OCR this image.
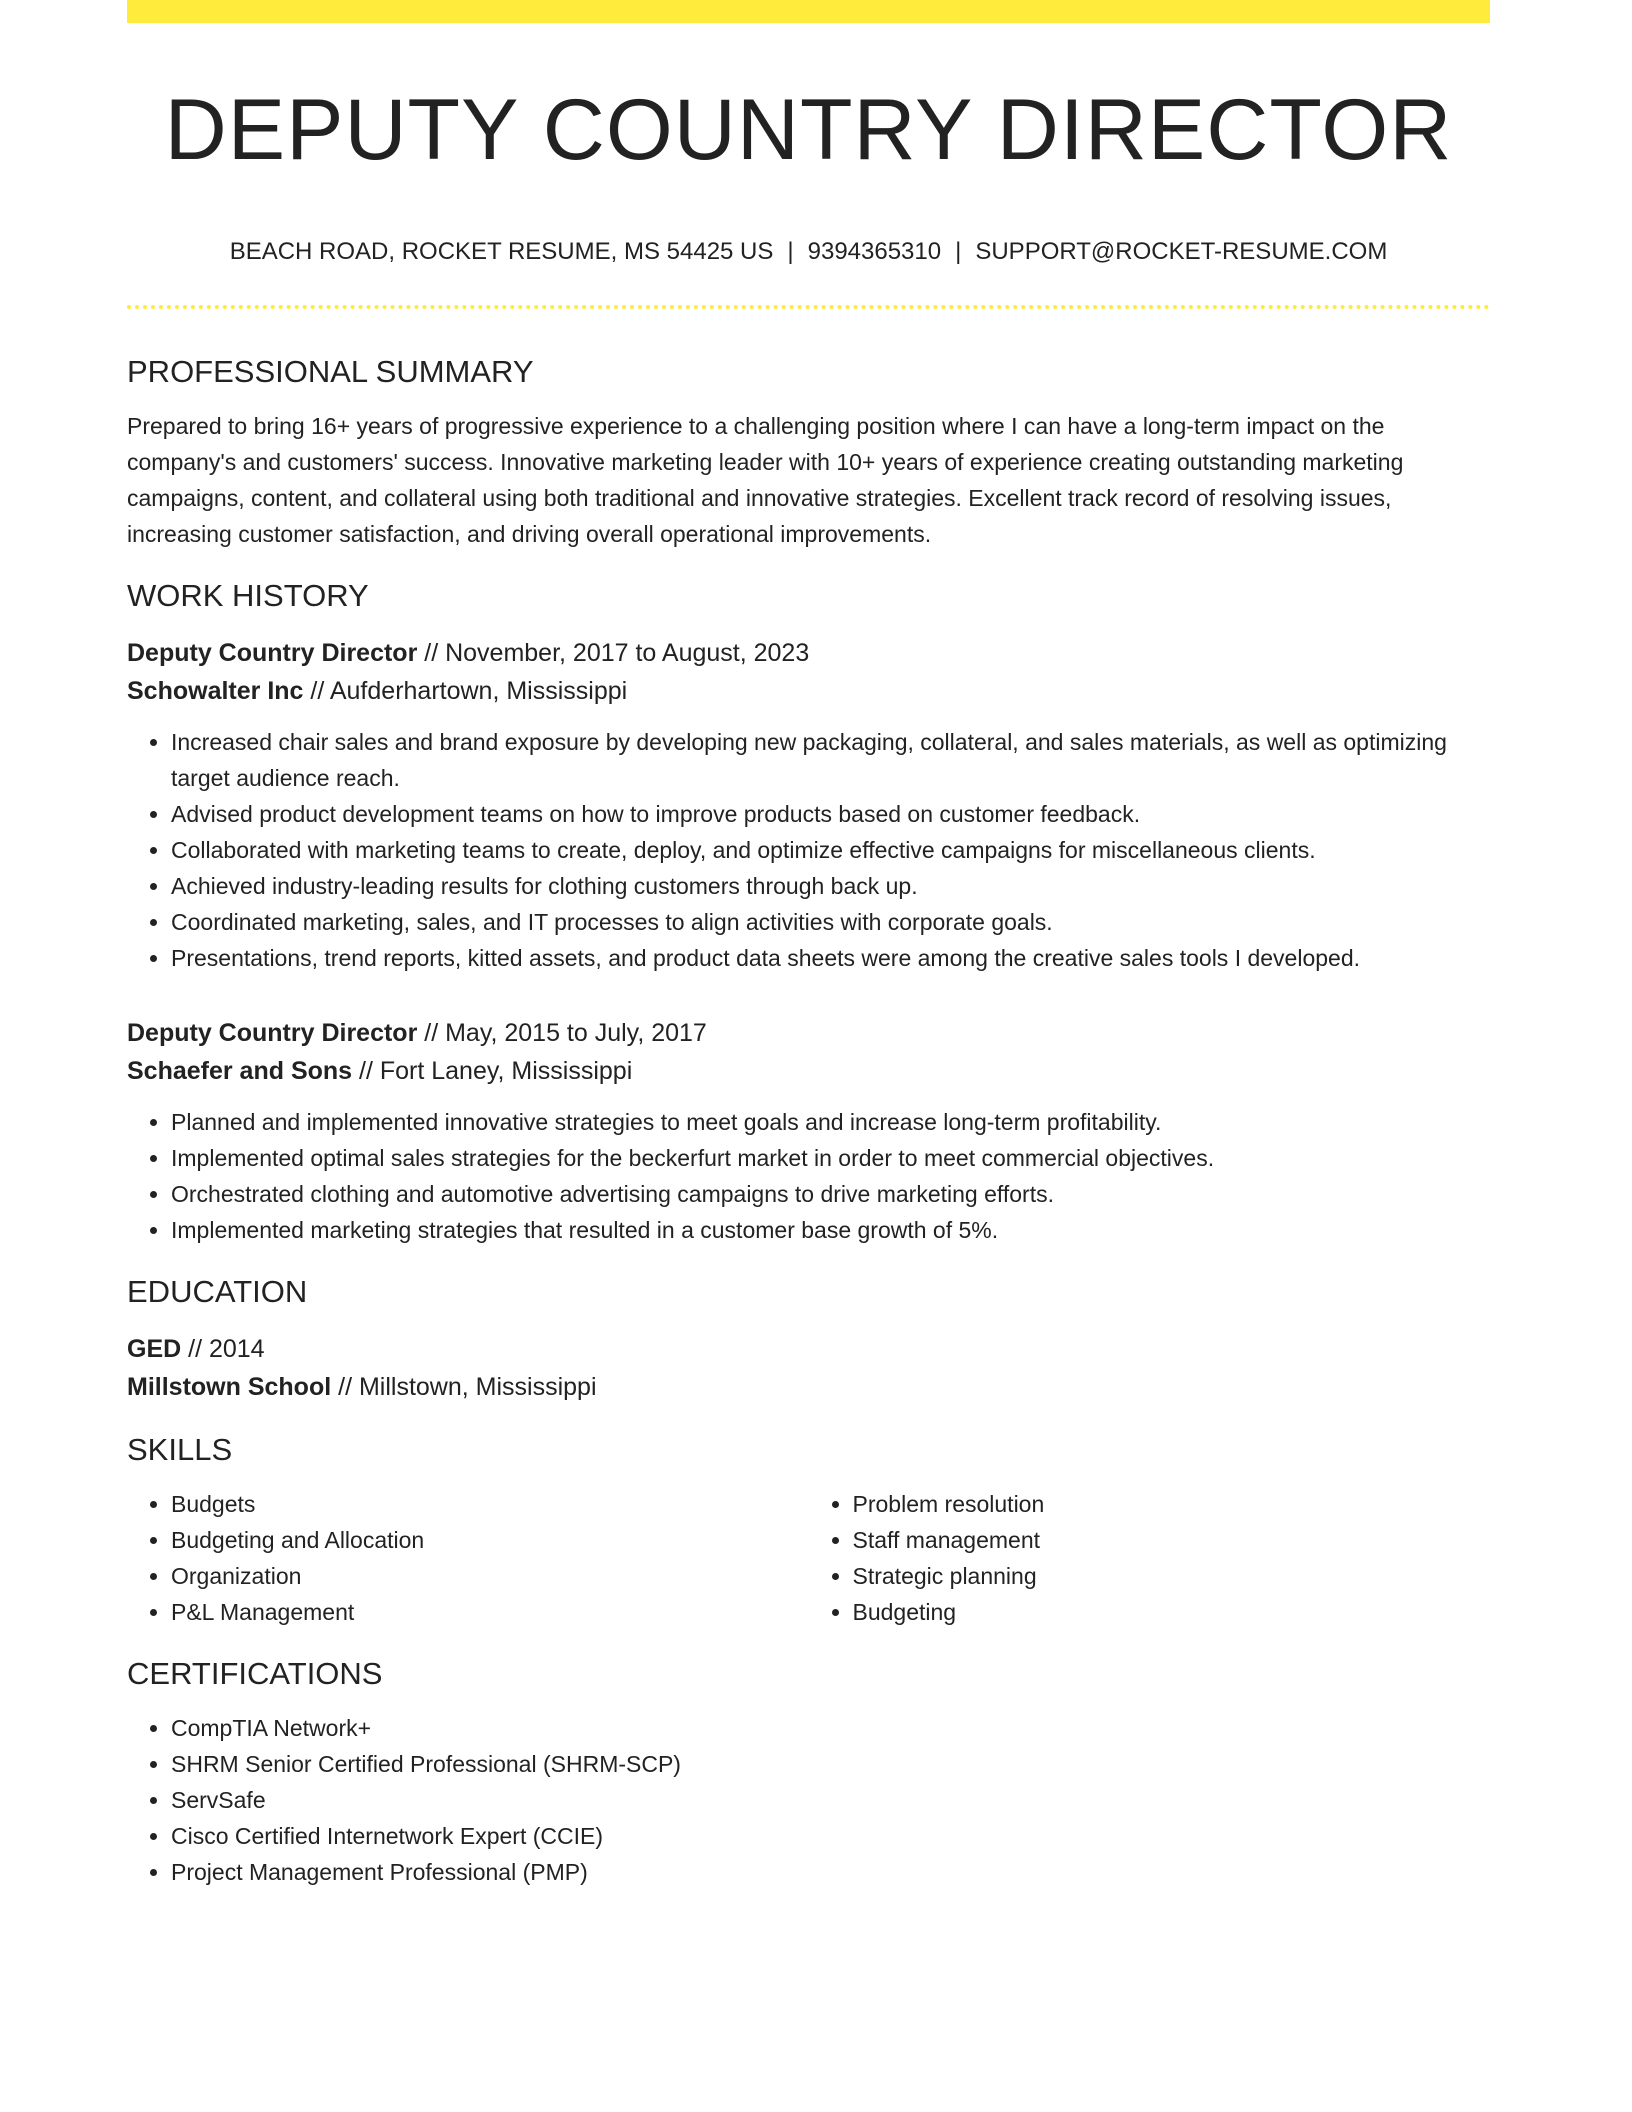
DEPUTY COUNTRY DIRECTOR
BEACH ROAD, ROCKET RESUME, MS 54425 US | 9394365310 | SUPPORT@ROCKET-RESUME.COM
PROFESSIONAL SUMMARY

Prepared to bring 16+ years of progressive experience to a challenging position where I can have a long-term impact on the company's and customers' success. Innovative marketing leader with 10+ years of experience creating outstanding marketing campaigns, content, and collateral using both traditional and innovative strategies. Excellent track record of resolving issues, increasing customer satisfaction, and driving overall operational improvements.

WORK HISTORY

Deputy Country Director // November, 2017 to August, 2023

Schowalter Inc // Aufderhartown, Mississippi

• Increased chair sales and brand exposure by developing new packaging, collateral, and sales materials, as well as optimizing target audience reach.
• Advised product development teams on how to improve products based on customer feedback.
• Collaborated with marketing teams to create, deploy, and optimize effective campaigns for miscellaneous clients.
• Achieved industry-leading results for clothing customers through back up.
• Coordinated marketing, sales, and IT processes to align activities with corporate goals.
• Presentations, trend reports, kitted assets, and product data sheets were among the creative sales tools I developed.

Deputy Country Director // May, 2015 to July, 2017

Schaefer and Sons // Fort Laney, Mississippi

• Planned and implemented innovative strategies to meet goals and increase long-term profitability.
• Implemented optimal sales strategies for the beckerfurt market in order to meet commercial objectives.
• Orchestrated clothing and automotive advertising campaigns to drive marketing efforts.
• Implemented marketing strategies that resulted in a customer base growth of 5%.
EDUCATION

GED // 2014

Millstown School // Millstown, Mississippi

SKILLS
• Budgets
• Budgeting and Allocation
• Organization
• P&L Management
• Problem resolution
• Staff management
• Strategic planning
• Budgeting
CERTIFICATIONS
• CompTIA Network+
• SHRM Senior Certified Professional (SHRM-SCP)
• ServSafe
• Cisco Certified Internetwork Expert (CCIE)
• Project Management Professional (PMP)
